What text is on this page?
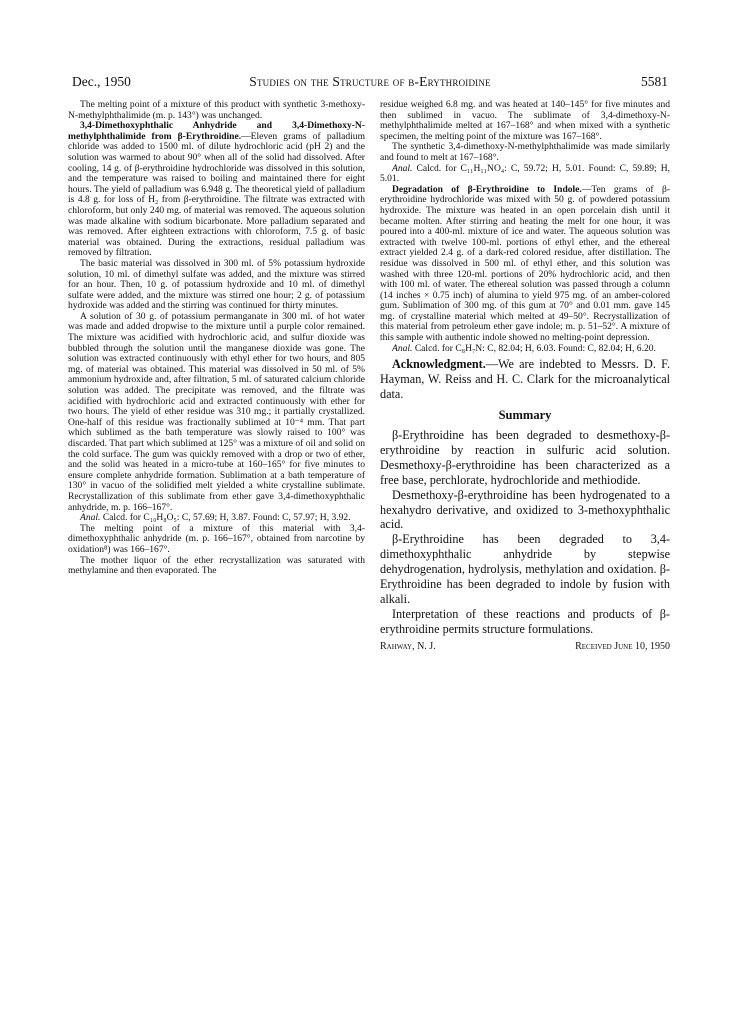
Dec., 1950	Studies on the Structure of β-Erythroidine	5581

The melting point of a mixture of this product with synthetic 3-methoxy-N-methylphthalimide (m. p. 143°) was unchanged.

3,4-Dimethoxyphthalic Anhydride and 3,4-Dimethoxy-N-methylphthalimide from β-Erythroidine.—Eleven grams of palladium chloride was added to 1500 ml. of dilute hydrochloric acid (pH 2) and the solution was warmed to about 90° when all of the solid had dissolved. After cooling, 14 g. of β-erythroidine hydrochloride was dissolved in this solution, and the temperature was raised to boiling and maintained there for eight hours. The yield of palladium was 6.948 g. The theoretical yield of palladium is 4.8 g. for loss of H₂ from β-erythroidine. The filtrate was extracted with chloroform, but only 240 mg. of material was removed. The aqueous solution was made alkaline with sodium bicarbonate. More palladium separated and was removed. After eighteen extractions with chloroform, 7.5 g. of basic material was obtained. During the extractions, residual palladium was removed by filtration.

The basic material was dissolved in 300 ml. of 5% potassium hydroxide solution, 10 ml. of dimethyl sulfate was added, and the mixture was stirred for an hour. Then, 10 g. of potassium hydroxide and 10 ml. of dimethyl sulfate were added, and the mixture was stirred one hour; 2 g. of potassium hydroxide was added and the stirring was continued for thirty minutes.

A solution of 30 g. of potassium permanganate in 300 ml. of hot water was made and added dropwise to the mixture until a purple color remained. The mixture was acidified with hydrochloric acid, and sulfur dioxide was bubbled through the solution until the manganese dioxide was gone. The solution was extracted continuously with ethyl ether for two hours, and 805 mg. of material was obtained. This material was dissolved in 50 ml. of 5% ammonium hydroxide and, after filtration, 5 ml. of saturated calcium chloride solution was added. The precipitate was removed, and the filtrate was acidified with hydrochloric acid and extracted continuously with ether for two hours. The yield of ether residue was 310 mg.; it partially crystallized. One-half of this residue was fractionally sublimed at 10⁻⁴ mm. That part which sublimed as the bath temperature was slowly raised to 100° was discarded. That part which sublimed at 125° was a mixture of oil and solid on the cold surface. The gum was quickly removed with a drop or two of ether, and the solid was heated in a micro-tube at 160–165° for five minutes to ensure complete anhydride formation. Sublimation at a bath temperature of 130° in vacuo of the solidified melt yielded a white crystalline sublimate. Recrystallization of this sublimate from ether gave 3,4-dimethoxyphthalic anhydride, m. p. 166–167°.

Anal. Calcd. for C₁₀H₈O₅: C, 57.69; H, 3.87. Found: C, 57.97; H, 3.92.

The melting point of a mixture of this material with 3,4-dimethoxyphthalic anhydride (m. p. 166–167°, obtained from narcotine by oxidation⁸) was 166–167°.

The mother liquor of the ether recrystallization was saturated with methylamine and then evaporated. The

residue weighed 6.8 mg. and was heated at 140–145° for five minutes and then sublimed in vacuo. The sublimate of 3,4-dimethoxy-N-methylphthalimide melted at 167–168° and when mixed with a synthetic specimen, the melting point of the mixture was 167–168°.

The synthetic 3,4-dimethoxy-N-methylphthalimide was made similarly and found to melt at 167–168°.

Anal. Calcd. for C₁₁H₁₁NO₄: C, 59.72; H, 5.01. Found: C, 59.89; H, 5.01.

Degradation of β-Erythroidine to Indole.—Ten grams of β-erythroidine hydrochloride was mixed with 50 g. of powdered potassium hydroxide. The mixture was heated in an open porcelain dish until it became molten. After stirring and heating the melt for one hour, it was poured into a 400-ml. mixture of ice and water. The aqueous solution was extracted with twelve 100-ml. portions of ethyl ether, and the ethereal extract yielded 2.4 g. of a dark-red colored residue, after distillation. The residue was dissolved in 500 ml. of ethyl ether, and this solution was washed with three 120-ml. portions of 20% hydrochloric acid, and then with 100 ml. of water. The ethereal solution was passed through a column (14 inches × 0.75 inch) of alumina to yield 975 mg. of an amber-colored gum. Sublimation of 300 mg. of this gum at 70° and 0.01 mm. gave 145 mg. of crystalline material which melted at 49–50°. Recrystallization of this material from petroleum ether gave indole; m. p. 51–52°. A mixture of this sample with authentic indole showed no melting-point depression.

Anal. Calcd. for C₈H₇N: C, 82.04; H, 6.03. Found: C, 82.04; H, 6.20.

Acknowledgment.—We are indebted to Messrs. D. F. Hayman, W. Reiss and H. C. Clark for the microanalytical data.

Summary

β-Erythroidine has been degraded to desmethoxy-β-erythroidine by reaction in sulfuric acid solution. Desmethoxy-β-erythroidine has been characterized as a free base, perchlorate, hydrochloride and methiodide.

Desmethoxy-β-erythroidine has been hydrogenated to a hexahydro derivative, and oxidized to 3-methoxyphthalic acid.

β-Erythroidine has been degraded to 3,4-dimethoxyphthalic anhydride by stepwise dehydrogenation, hydrolysis, methylation and oxidation. β-Erythroidine has been degraded to indole by fusion with alkali.

Interpretation of these reactions and products of β-erythroidine permits structure formulations.

Rahway, N. J.	Received June 10, 1950
